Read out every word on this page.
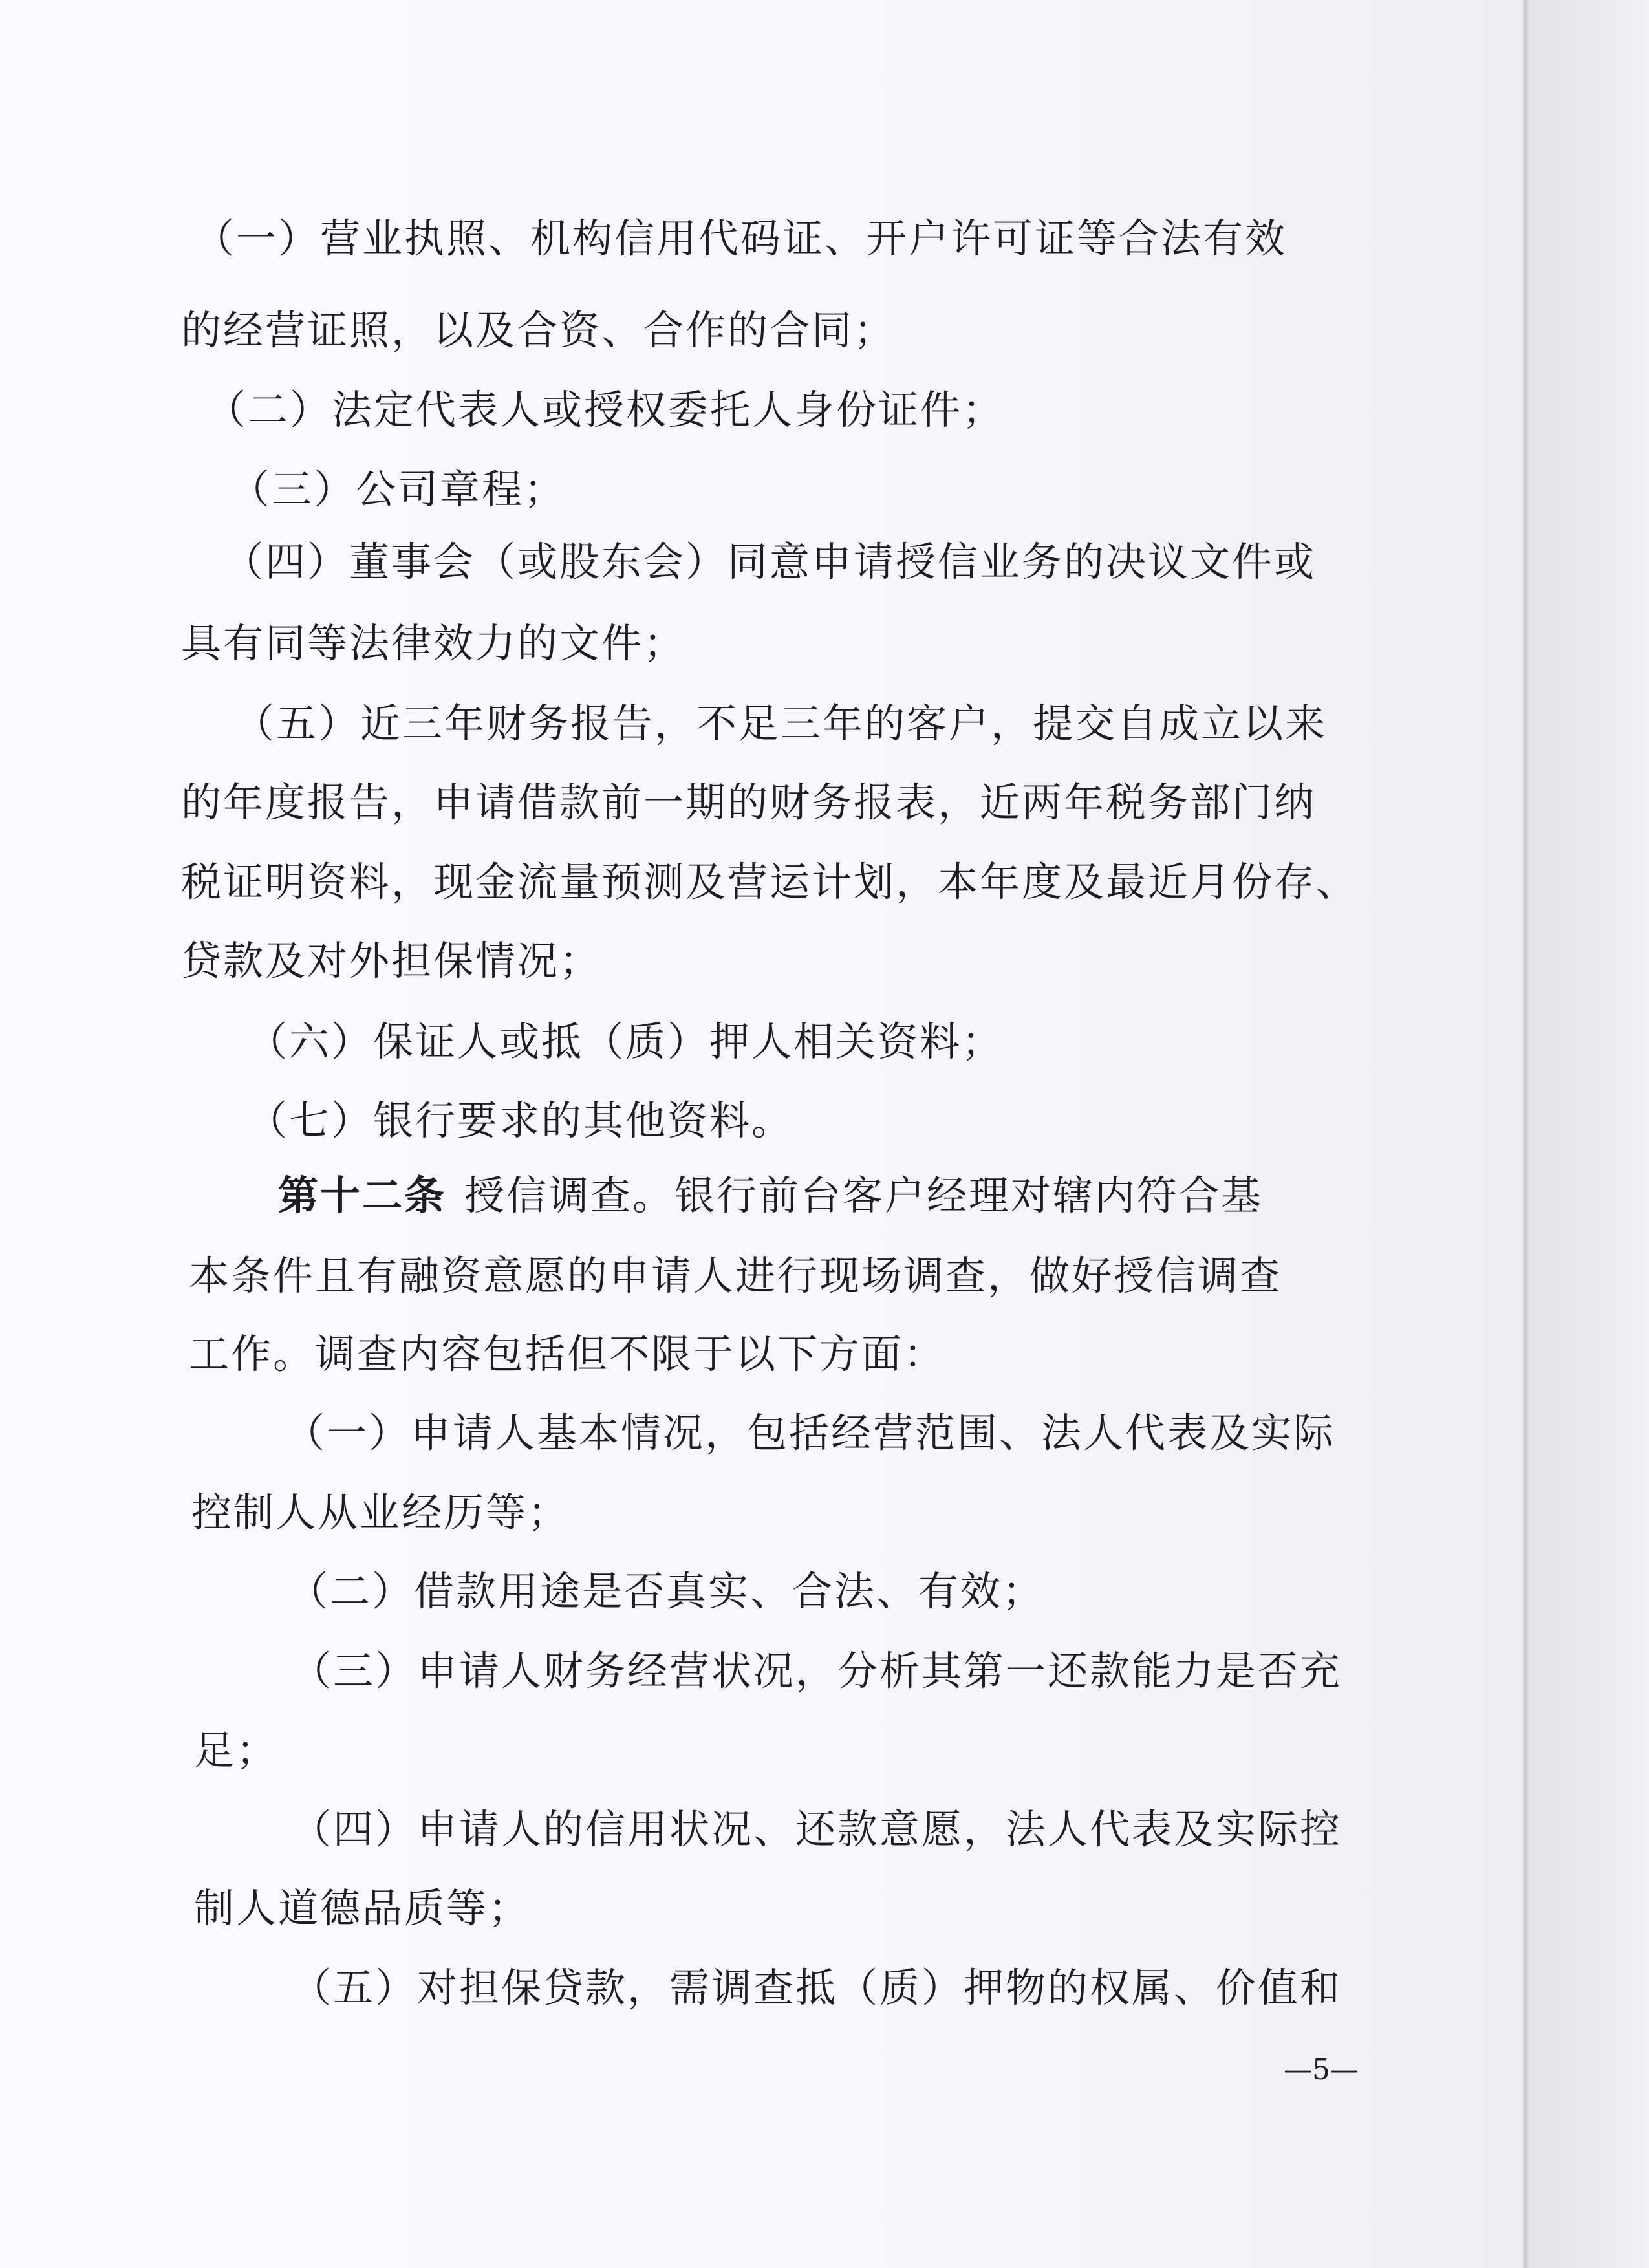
（一）营业执照、机构信用代码证、开户许可证等合法有效
的经营证照，以及合资、合作的合同；
（二）法定代表人或授权委托人身份证件；
（三）公司章程；
（四）董事会（或股东会）同意申请授信业务的决议文件或
具有同等法律效力的文件；
（五）近三年财务报告，不足三年的客户，提交自成立以来
的年度报告，申请借款前一期的财务报表，近两年税务部门纳
税证明资料，现金流量预测及营运计划，本年度及最近月份存、
贷款及对外担保情况；
（六）保证人或抵（质）押人相关资料；
（七）银行要求的其他资料。
第十二条 授信调查。银行前台客户经理对辖内符合基
本条件且有融资意愿的申请人进行现场调查，做好授信调查
工作。调查内容包括但不限于以下方面：
（一）申请人基本情况，包括经营范围、法人代表及实际
控制人从业经历等；
（二）借款用途是否真实、合法、有效；
（三）申请人财务经营状况，分析其第一还款能力是否充
足；
（四）申请人的信用状况、还款意愿，法人代表及实际控
制人道德品质等；
（五）对担保贷款，需调查抵（质）押物的权属、价值和
—5—
